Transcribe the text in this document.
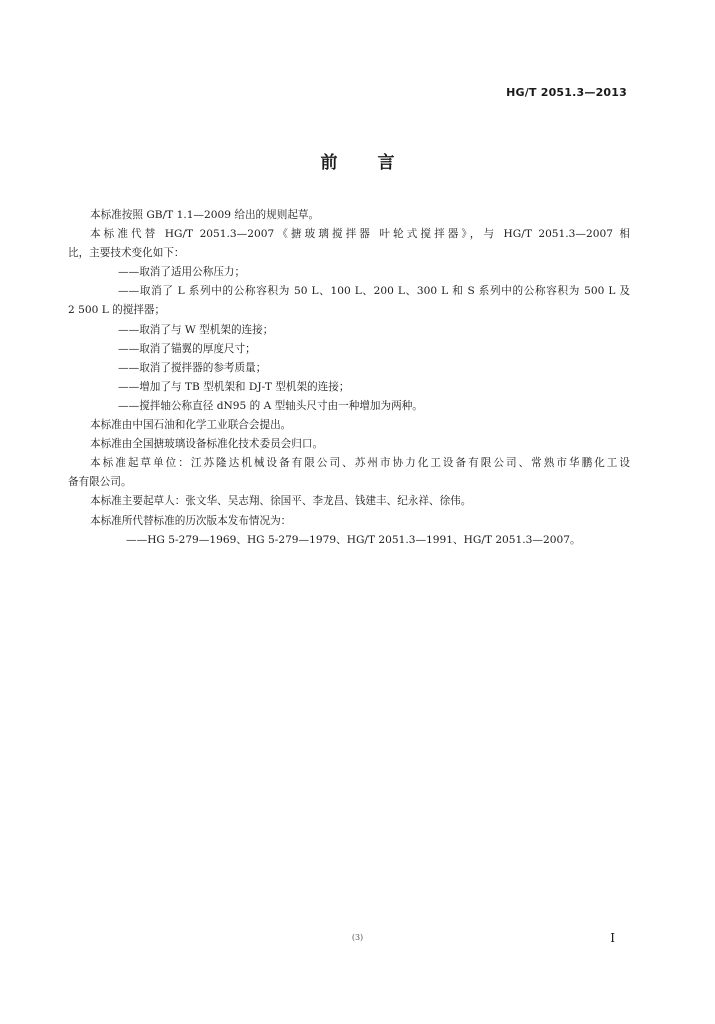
HG/T 2051.3—2013
前言
本标准按照 GB/T 1.1—2009 给出的规则起草。
本标准代替 HG/T 2051.3—2007《搪玻璃搅拌器 叶轮式搅拌器》，与 HG/T 2051.3—2007 相
比，主要技术变化如下：
——取消了适用公称压力；
——取消了 L 系列中的公称容积为 50 L、100 L、200 L、300 L 和 S 系列中的公称容积为 500 L 及
2 500 L 的搅拌器；
——取消了与 W 型机架的连接；
——取消了锚翼的厚度尺寸；
——取消了搅拌器的参考质量；
——增加了与 TB 型机架和 DJ-T 型机架的连接；
——搅拌轴公称直径 dN95 的 A 型轴头尺寸由一种增加为两种。
本标准由中国石油和化学工业联合会提出。
本标准由全国搪玻璃设备标准化技术委员会归口。
本标准起草单位：江苏隆达机械设备有限公司、苏州市协力化工设备有限公司、常熟市华鹏化工设
备有限公司。
本标准主要起草人：张文华、吴志翔、徐国平、李龙昌、钱建丰、纪永祥、徐伟。
本标准所代替标准的历次版本发布情况为：
——HG 5-279—1969、HG 5-279—1979、HG/T 2051.3—1991、HG/T 2051.3—2007。
(3)	I
